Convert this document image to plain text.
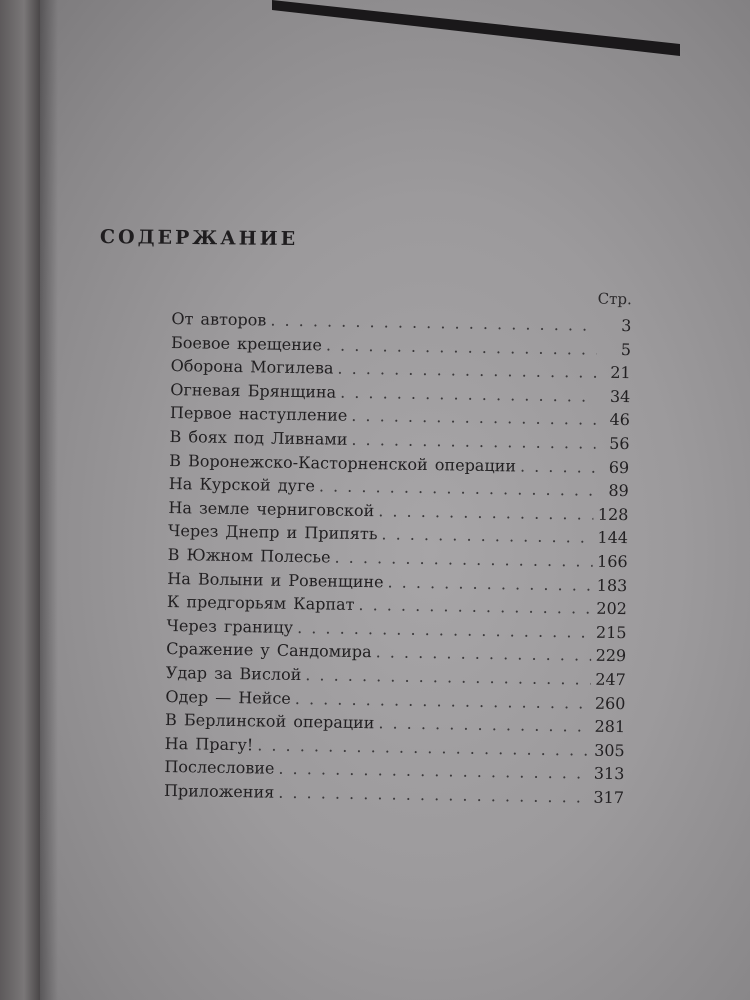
СОДЕРЖАНИЕ
Стр.
От авторов . . .	3
Боевое крещение . . .	5
Оборона Могилева . . .	21
Огневая Брянщина . . .	34
Первое наступление . . .	46
В боях под Ливнами . . .	56
В Воронежско-Касторненской операции . . .	69
На Курской дуге . . .	89
На земле черниговской . . .	128
Через Днепр и Припять . . .	144
В Южном Полесье . . .	166
На Волыни и Ровенщине . . .	183
К предгорьям Карпат . . .	202
Через границу . . .	215
Сражение у Сандомира . . .	229
Удар за Вислой . . .	247
Одер — Нейсе . . .	260
В Берлинской операции . . .	281
На Прагу! . . .	305
Послесловие . . .	313
Приложения . . .	317
